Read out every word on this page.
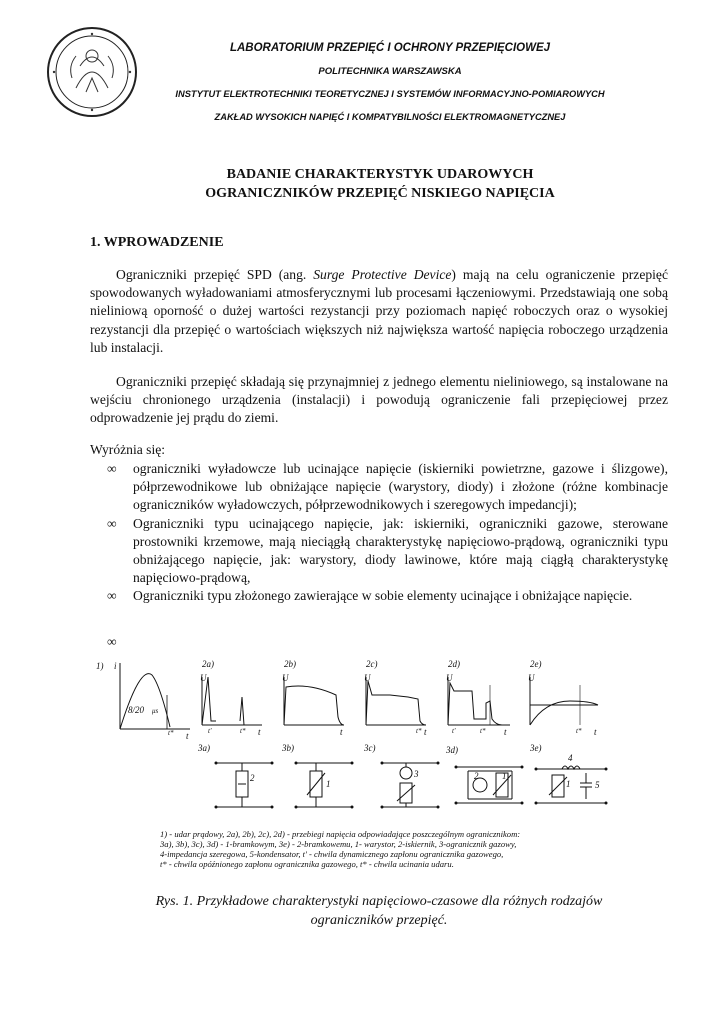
LABORATORIUM PRZEPIĘĆ I OCHRONY PRZEPIĘCIOWEJ
POLITECHNIKA WARSZAWSKA
INSTYTUT ELEKTROTECHNIKI TEORETYCZNEJ I SYSTEMÓW INFORMACYJNO-POMIAROWYCH
ZAKŁAD WYSOKICH NAPIĘĆ I KOMPATYBILNOŚCI ELEKTROMAGNETYCZNEJ
BADANIE CHARAKTERYSTYK UDAROWYCH
OGRANICZNIKÓW PRZEPIĘĆ NISKIEGO NAPIĘCIA
1. WPROWADZENIE
Ograniczniki przepięć SPD (ang. Surge Protective Device) mają na celu ograniczenie przepięć spowodowanych wyładowaniami atmosferycznymi lub procesami łączeniowymi. Przedstawiają one sobą nieliniową oporność o dużej wartości rezystancji przy poziomach napięć roboczych oraz o wysokiej rezystancji dla przepięć o wartościach większych niż największa wartość napięcia roboczego urządzenia lub instalacji.
Ograniczniki przepięć składają się przynajmniej z jednego elementu nieliniowego, są instalowane na wejściu chronionego urządzenia (instalacji) i powodują ograniczenie fali przepięciowej przez odprowadzenie jej prądu do ziemi.
Wyróżnia się:
∞ ograniczniki wyładowcze lub ucinające napięcie (iskierniki powietrzne, gazowe i ślizgowe), półprzewodnikowe lub obniżające napięcie (warystory, diody) i złożone (różne kombinacje ograniczników wyładowczych, półprzewodnikowych i szeregowych impedancji);
∞ Ograniczniki typu ucinającego napięcie, jak: iskierniki, ograniczniki gazowe, sterowane prostowniki krzemowe, mają nieciągłą charakterystykę napięciowo-prądową, ograniczniki typu obniżającego napięcie, jak: warystory, diody lawinowe, które mają ciągłą charakterystykę napięciowo-prądową,
∞ Ograniczniki typu złożonego zawierające w sobie elementy ucinające i obniżające napięcie.
∞
1)	2a)	2b)	2c)	2d)	2e)
i
U	U	U	U	U
8/20 μs
t
t*	t'	t* t	t	t
t*	t'	t* t	t* t
3a)	3b)	3c)	3d)	3e)
2
1
3	2	1
4
1	5
1) - udar prądowy, 2a), 2b), 2c), 2d) - przebiegi napięcia odpowiadające poszczególnym ogranicznikom:
3a), 3b), 3c), 3d) - 1-bramkowym, 3e) - 2-bramkowemu, 1- warystor, 2-iskiernik, 3-ogranicznik gazowy,
4-impedancja szeregowa, 5-kondensator, t' - chwila dynamicznego zapłonu ogranicznika gazowego,
t* - chwila opóźnionego zapłonu ogranicznika gazowego, t* - chwila ucinania udaru.
Rys. 1. Przykładowe charakterystyki napięciowo-czasowe dla różnych rodzajów
ograniczników przepięć.
